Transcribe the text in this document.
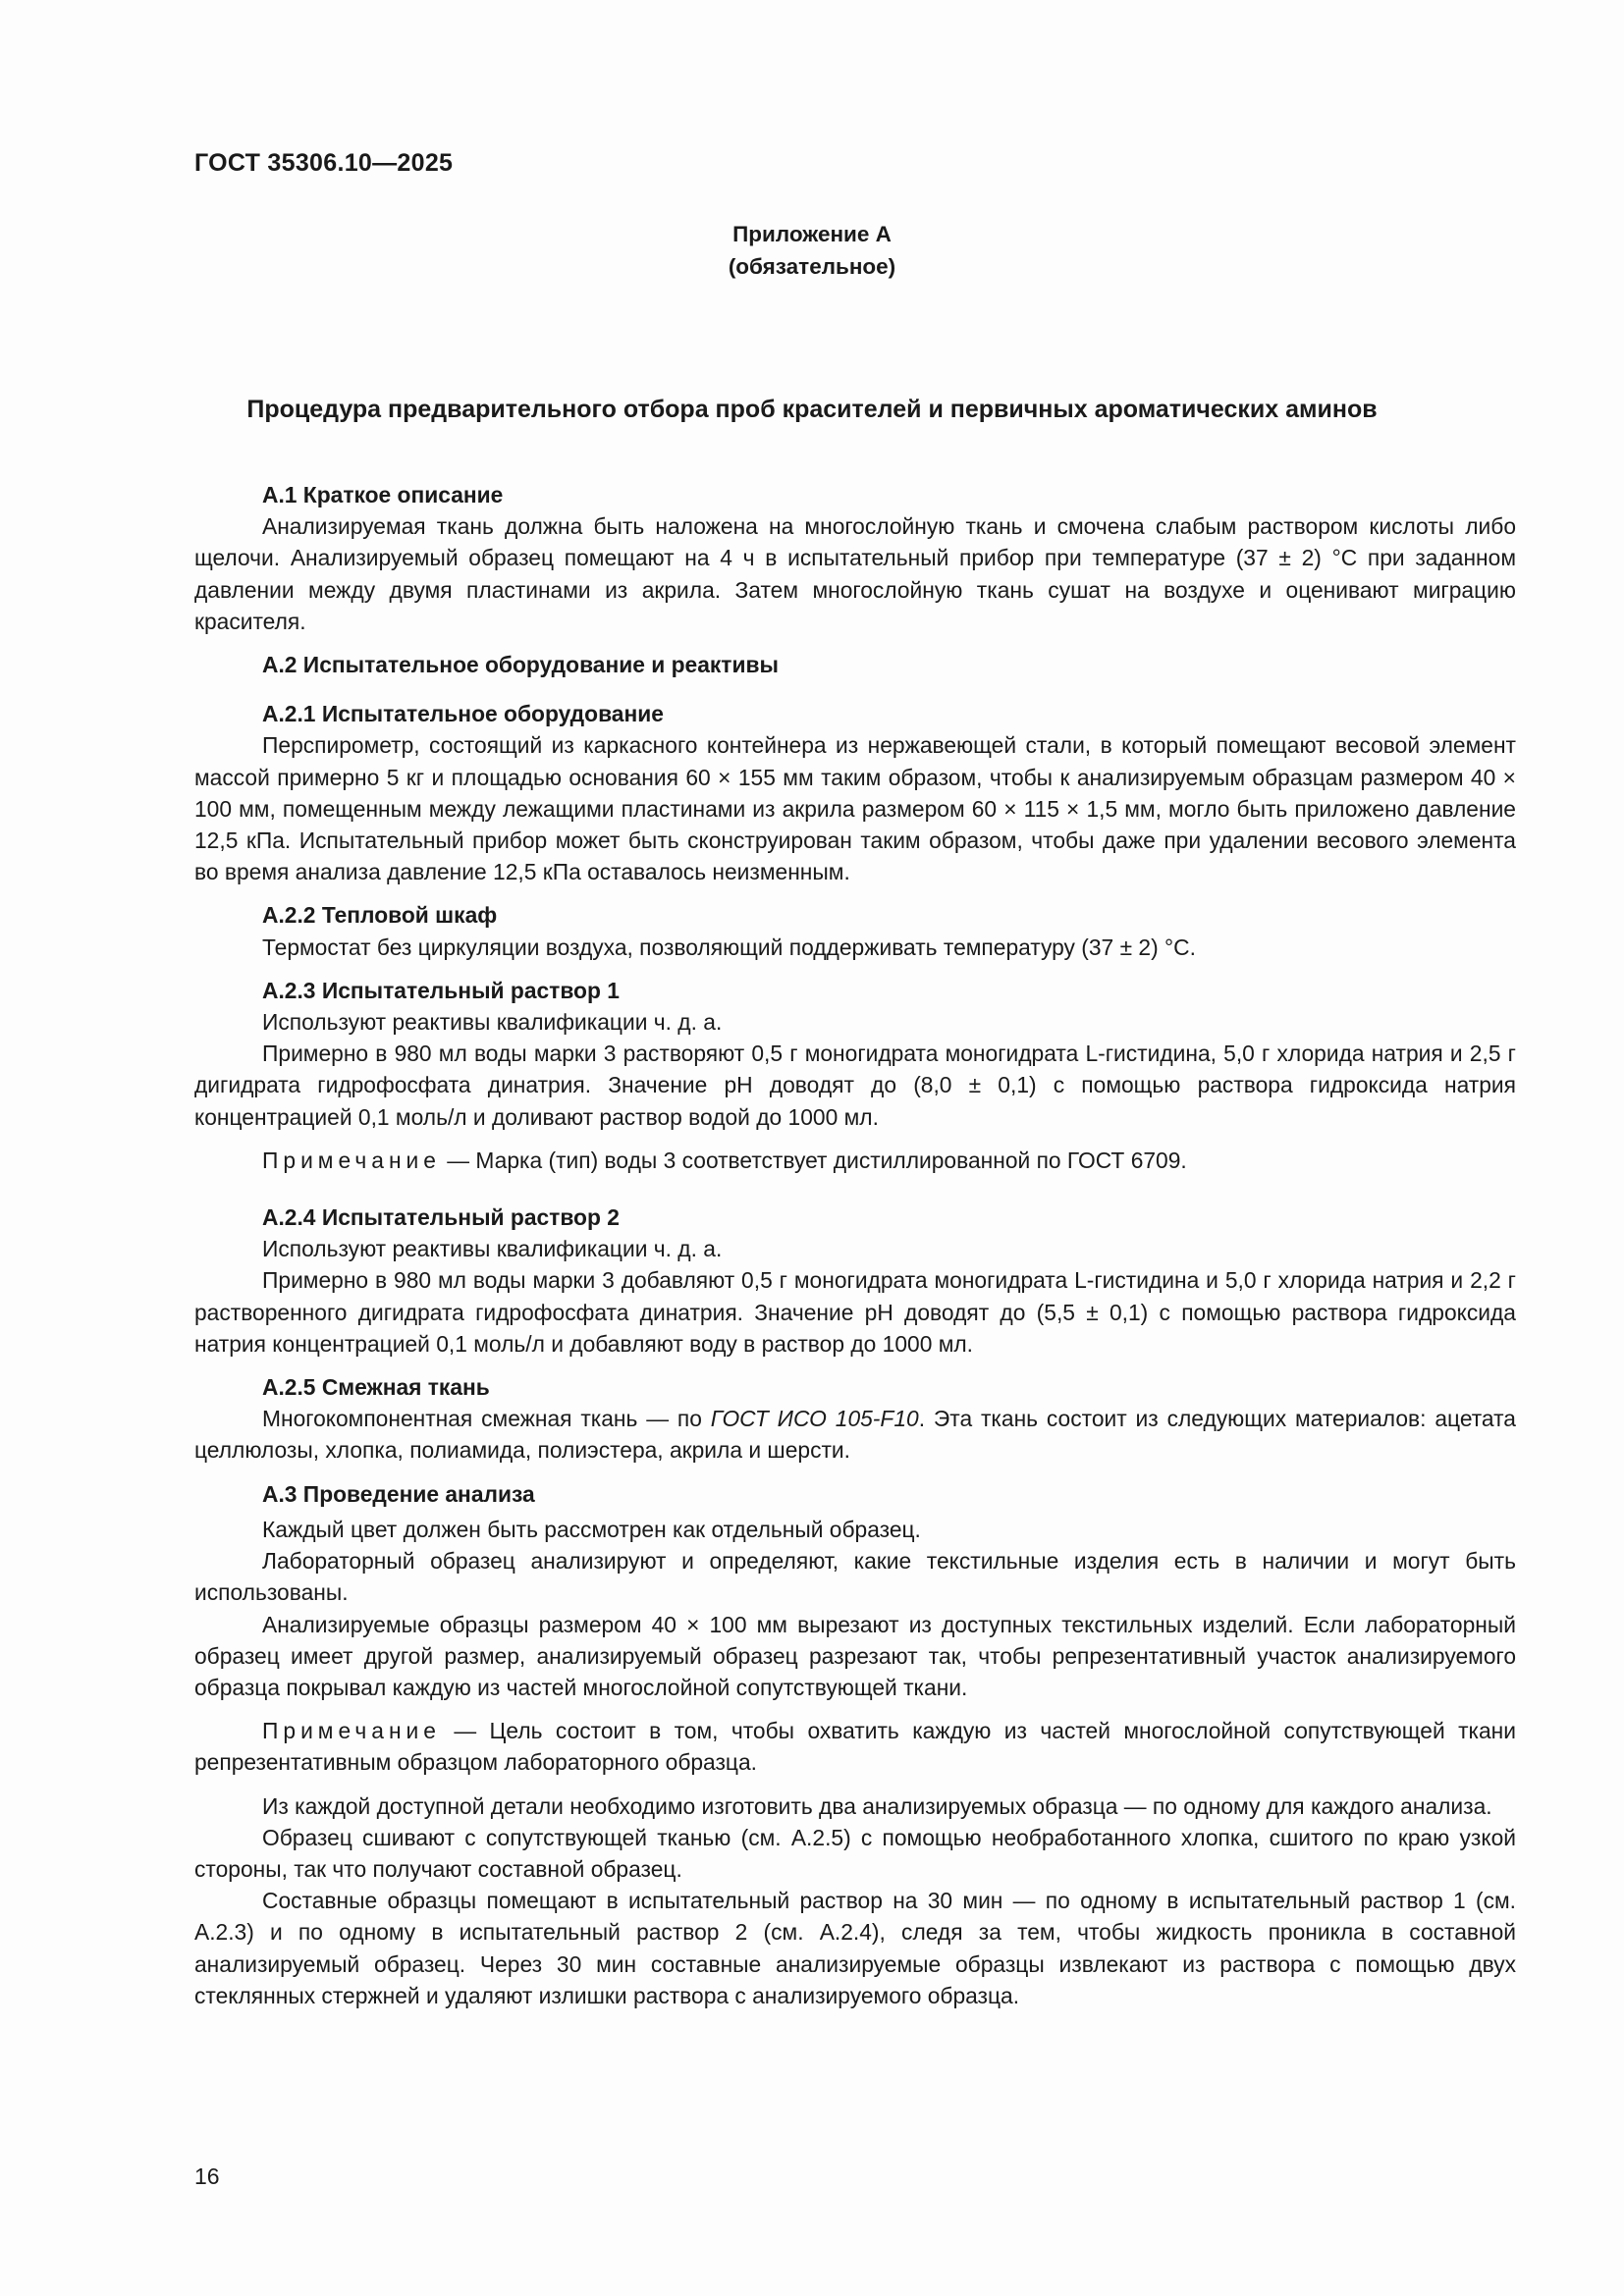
ГОСТ 35306.10—2025
Приложение А
(обязательное)
Процедура предварительного отбора проб красителей и первичных ароматических аминов
А.1 Краткое описание

Анализируемая ткань должна быть наложена на многослойную ткань и смочена слабым раствором кислоты либо щелочи. Анализируемый образец помещают на 4 ч в испытательный прибор при температуре (37 ± 2) °C при заданном давлении между двумя пластинами из акрила. Затем многослойную ткань сушат на воздухе и оценивают миграцию красителя.

А.2 Испытательное оборудование и реактивы
А.2.1 Испытательное оборудование

Перспирометр, состоящий из каркасного контейнера из нержавеющей стали, в который помещают весовой элемент массой примерно 5 кг и площадью основания 60 × 155 мм таким образом, чтобы к анализируемым образцам размером 40 × 100 мм, помещенным между лежащими пластинами из акрила размером 60 × 115 × 1,5 мм, могло быть приложено давление 12,5 кПа. Испытательный прибор может быть сконструирован таким образом, чтобы даже при удалении весового элемента во время анализа давление 12,5 кПа оставалось неизменным.

А.2.2 Тепловой шкаф

Термостат без циркуляции воздуха, позволяющий поддерживать температуру (37 ± 2) °C.

А.2.3 Испытательный раствор 1

Используют реактивы квалификации ч. д. а.

Примерно в 980 мл воды марки 3 растворяют 0,5 г моногидрата моногидрата L-гистидина, 5,0 г хлорида натрия и 2,5 г дигидрата гидрофосфата динатрия. Значение pH доводят до (8,0 ± 0,1) с помощью раствора гидроксида натрия концентрацией 0,1 моль/л и доливают раствор водой до 1000 мл.

Примечание — Марка (тип) воды 3 соответствует дистиллированной по ГОСТ 6709.

А.2.4 Испытательный раствор 2

Используют реактивы квалификации ч. д. а.

Примерно в 980 мл воды марки 3 добавляют 0,5 г моногидрата моногидрата L-гистидина и 5,0 г хлорида натрия и 2,2 г растворенного дигидрата гидрофосфата динатрия. Значение pH доводят до (5,5 ± 0,1) с помощью раствора гидроксида натрия концентрацией 0,1 моль/л и добавляют воду в раствор до 1000 мл.

А.2.5 Смежная ткань

Многокомпонентная смежная ткань — по ГОСТ ИСО 105-F10. Эта ткань состоит из следующих материалов: ацетата целлюлозы, хлопка, полиамида, полиэстера, акрила и шерсти.

А.3 Проведение анализа

Каждый цвет должен быть рассмотрен как отдельный образец.

Лабораторный образец анализируют и определяют, какие текстильные изделия есть в наличии и могут быть использованы.

Анализируемые образцы размером 40 × 100 мм вырезают из доступных текстильных изделий. Если лабораторный образец имеет другой размер, анализируемый образец разрезают так, чтобы репрезентативный участок анализируемого образца покрывал каждую из частей многослойной сопутствующей ткани.

Примечание — Цель состоит в том, чтобы охватить каждую из частей многослойной сопутствующей ткани репрезентативным образцом лабораторного образца.

Из каждой доступной детали необходимо изготовить два анализируемых образца — по одному для каждого анализа.

Образец сшивают с сопутствующей тканью (см. А.2.5) с помощью необработанного хлопка, сшитого по краю узкой стороны, так что получают составной образец.

Составные образцы помещают в испытательный раствор на 30 мин — по одному в испытательный раствор 1 (см. А.2.3) и по одному в испытательный раствор 2 (см. А.2.4), следя за тем, чтобы жидкость проникла в составной анализируемый образец. Через 30 мин составные анализируемые образцы извлекают из раствора с помощью двух стеклянных стержней и удаляют излишки раствора с анализируемого образца.

16
